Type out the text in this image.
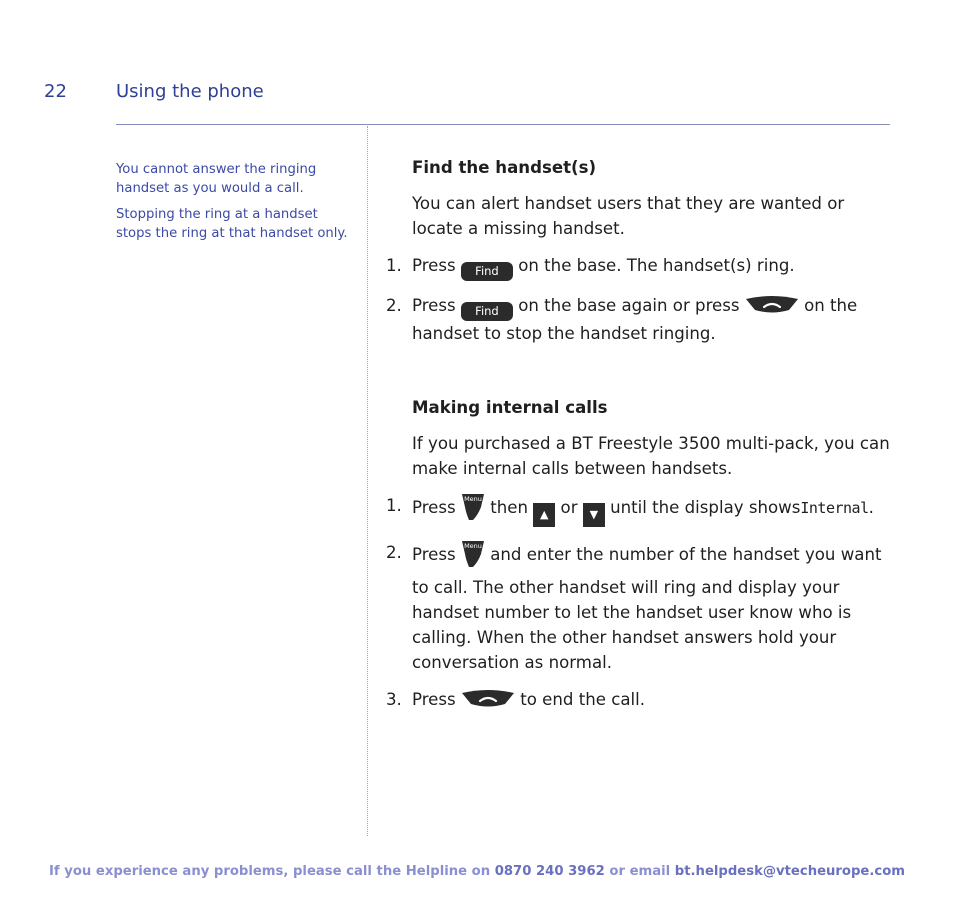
22	Using the phone

You cannot answer the ringing handset as you would a call.

Stopping the ring at a handset stops the ring at that handset only.

Find the handset(s)
You can alert handset users that they are wanted or locate a missing handset.
1. Press Find on the base. The handset(s) ring.
2. Press Find on the base again or press	on the handset to stop the handset ringing.
Making internal calls
If you purchased a BT Freestyle 3500 multi-pack, you can make internal calls between handsets.
1. Press Menu then ▲ or ▼ until the display showsInternal.
2. Press Menu and enter the number of the handset you want to call. The other handset will ring and display your handset number to let the handset user know who is calling. When the other handset answers hold your conversation as normal.
3. Press	to end the call.
If you experience any problems, please call the Helpline on 0870 240 3962 or email bt.helpdesk@vtecheurope.com
